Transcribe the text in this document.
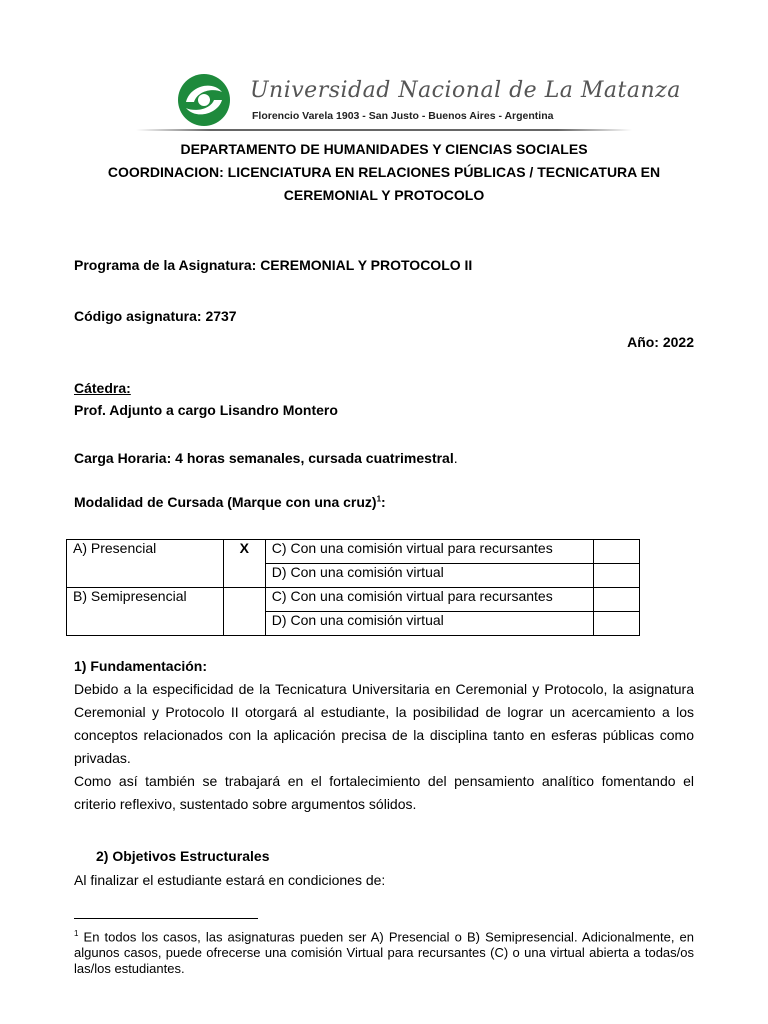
Universidad Nacional de La Matanza
Florencio Varela 1903 - San Justo - Buenos Aires - Argentina
DEPARTAMENTO DE HUMANIDADES Y CIENCIAS SOCIALES
COORDINACION: LICENCIATURA EN RELACIONES PÚBLICAS / TECNICATURA EN
CEREMONIAL Y PROTOCOLO
Programa de la Asignatura: CEREMONIAL Y PROTOCOLO II
Código asignatura: 2737
Año: 2022
Cátedra:
Prof. Adjunto a cargo Lisandro Montero
Carga Horaria: 4 horas semanales, cursada cuatrimestral.
Modalidad de Cursada (Marque con una cruz)$^1$:
A) Presencial	X	C) Con una comisión virtual para recursantes	
		D) Con una comisión virtual	
B) Semipresencial		C) Con una comisión virtual para recursantes	
		D) Con una comisión virtual	
1) Fundamentación:
Debido a la especificidad de la Tecnicatura Universitaria en Ceremonial y Protocolo, la asignatura Ceremonial y Protocolo II otorgará al estudiante, la posibilidad de lograr un acercamiento a los conceptos relacionados con la aplicación precisa de la disciplina tanto en esferas públicas como privadas.
Como así también se trabajará en el fortalecimiento del pensamiento analítico fomentando el criterio reflexivo, sustentado sobre argumentos sólidos.
2) Objetivos Estructurales
Al finalizar el estudiante estará en condiciones de:
$^1$ En todos los casos, las asignaturas pueden ser A) Presencial o B) Semipresencial. Adicionalmente, en algunos casos, puede ofrecerse una comisión Virtual para recursantes (C) o una virtual abierta a todas/os las/los estudiantes.
